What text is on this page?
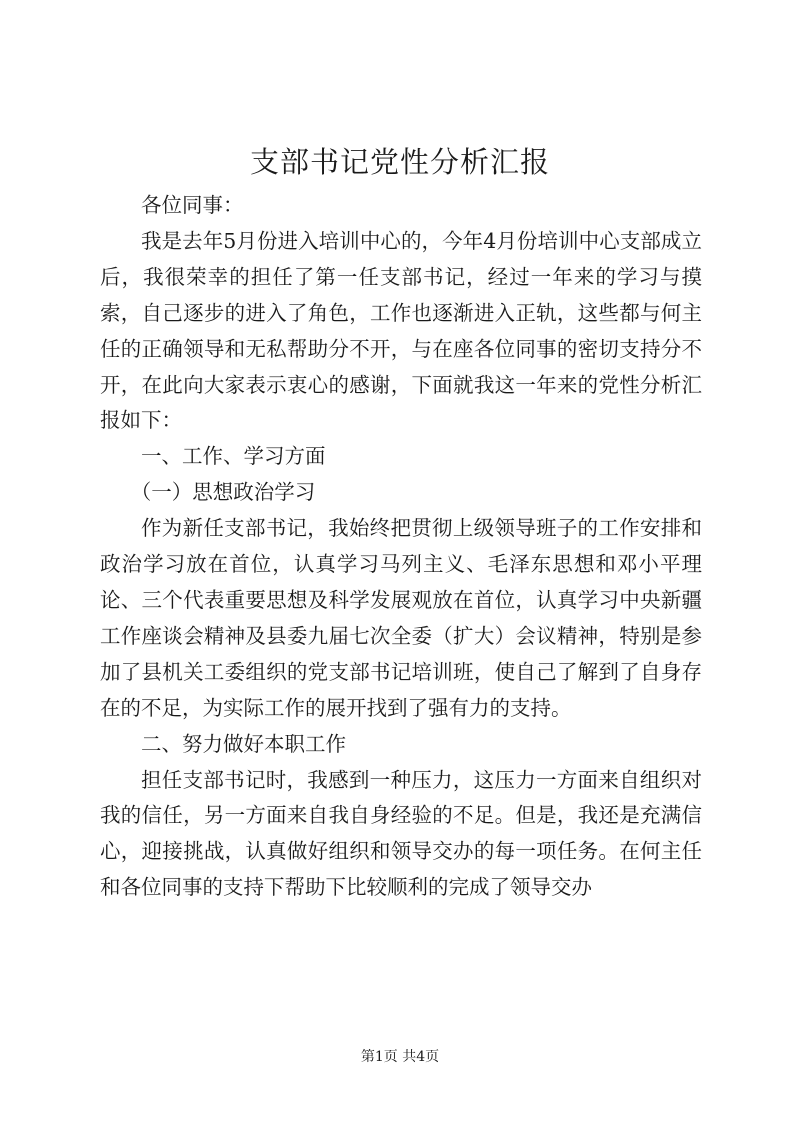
支部书记党性分析汇报

各位同事：

我是去年5月份进入培训中心的，今年4月份培训中心支部成立后，我很荣幸的担任了第一任支部书记，经过一年来的学习与摸索，自己逐步的进入了角色，工作也逐渐进入正轨，这些都与何主任的正确领导和无私帮助分不开，与在座各位同事的密切支持分不开，在此向大家表示衷心的感谢，下面就我这一年来的党性分析汇报如下：

一、工作、学习方面

（一）思想政治学习

作为新任支部书记，我始终把贯彻上级领导班子的工作安排和政治学习放在首位，认真学习马列主义、毛泽东思想和邓小平理论、三个代表重要思想及科学发展观放在首位，认真学习中央新疆工作座谈会精神及县委九届七次全委（扩大）会议精神，特别是参加了县机关工委组织的党支部书记培训班，使自己了解到了自身存在的不足，为实际工作的展开找到了强有力的支持。

二、努力做好本职工作

担任支部书记时，我感到一种压力，这压力一方面来自组织对我的信任，另一方面来自我自身经验的不足。但是，我还是充满信心，迎接挑战，认真做好组织和领导交办的每一项任务。在何主任和各位同事的支持下帮助下比较顺利的完成了领导交办

第1页 共4页
